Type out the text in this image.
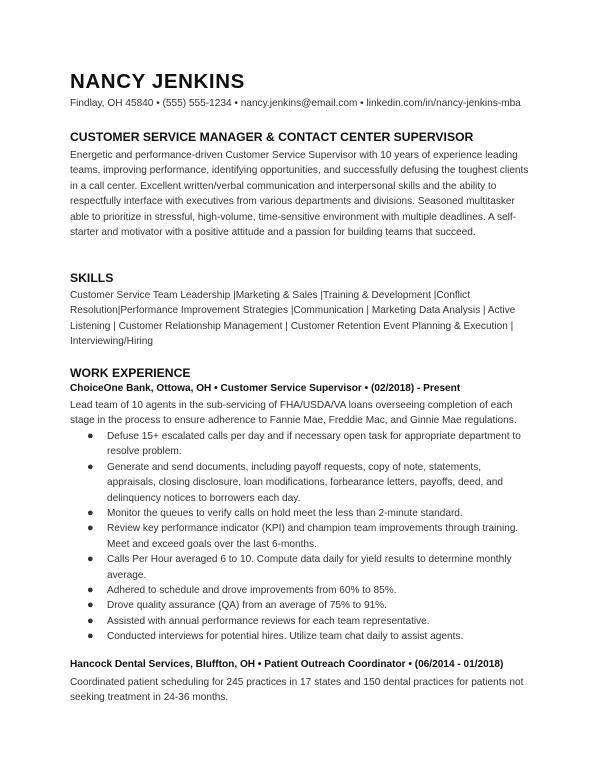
NANCY JENKINS
Findlay, OH 45840 • (555) 555-1234 • nancy.jenkins@email.com • linkedin.com/in/nancy-jenkins-mba
CUSTOMER SERVICE MANAGER & CONTACT CENTER SUPERVISOR
Energetic and performance-driven Customer Service Supervisor with 10 years of experience leading teams, improving performance, identifying opportunities, and successfully defusing the toughest clients in a call center. Excellent written/verbal communication and interpersonal skills and the ability to respectfully interface with executives from various departments and divisions. Seasoned multitasker able to prioritize in stressful, high-volume, time-sensitive environment with multiple deadlines. A self-starter and motivator with a positive attitude and a passion for building teams that succeed.
SKILLS
Customer Service Team Leadership |Marketing & Sales |Training & Development |Conflict Resolution|Performance Improvement Strategies |Communication | Marketing Data Analysis | Active Listening | Customer Relationship Management | Customer Retention Event Planning & Execution | Interviewing/Hiring
WORK EXPERIENCE
ChoiceOne Bank, Ottowa, OH • Customer Service Supervisor • (02/2018) - Present
Lead team of 10 agents in the sub-servicing of FHA/USDA/VA loans overseeing completion of each stage in the process to ensure adherence to Fannie Mae, Freddie Mac, and Ginnie Mae regulations.
● Defuse 15+ escalated calls per day and if necessary open task for appropriate department to resolve problem.
● Generate and send documents, including payoff requests, copy of note, statements, appraisals, closing disclosure, loan modifications, forbearance letters, payoffs, deed, and delinquency notices to borrowers each day.
● Monitor the queues to verify calls on hold meet the less than 2-minute standard.
● Review key performance indicator (KPI) and champion team improvements through training. Meet and exceed goals over the last 6-months.
● Calls Per Hour averaged 6 to 10. Compute data daily for yield results to determine monthly average.
● Adhered to schedule and drove improvements from 60% to 85%.
● Drove quality assurance (QA) from an average of 75% to 91%.
● Assisted with annual performance reviews for each team representative.
● Conducted interviews for potential hires. Utilize team chat daily to assist agents.
Hancock Dental Services, Bluffton, OH • Patient Outreach Coordinator • (06/2014 - 01/2018)
Coordinated patient scheduling for 245 practices in 17 states and 150 dental practices for patients not seeking treatment in 24-36 months.
